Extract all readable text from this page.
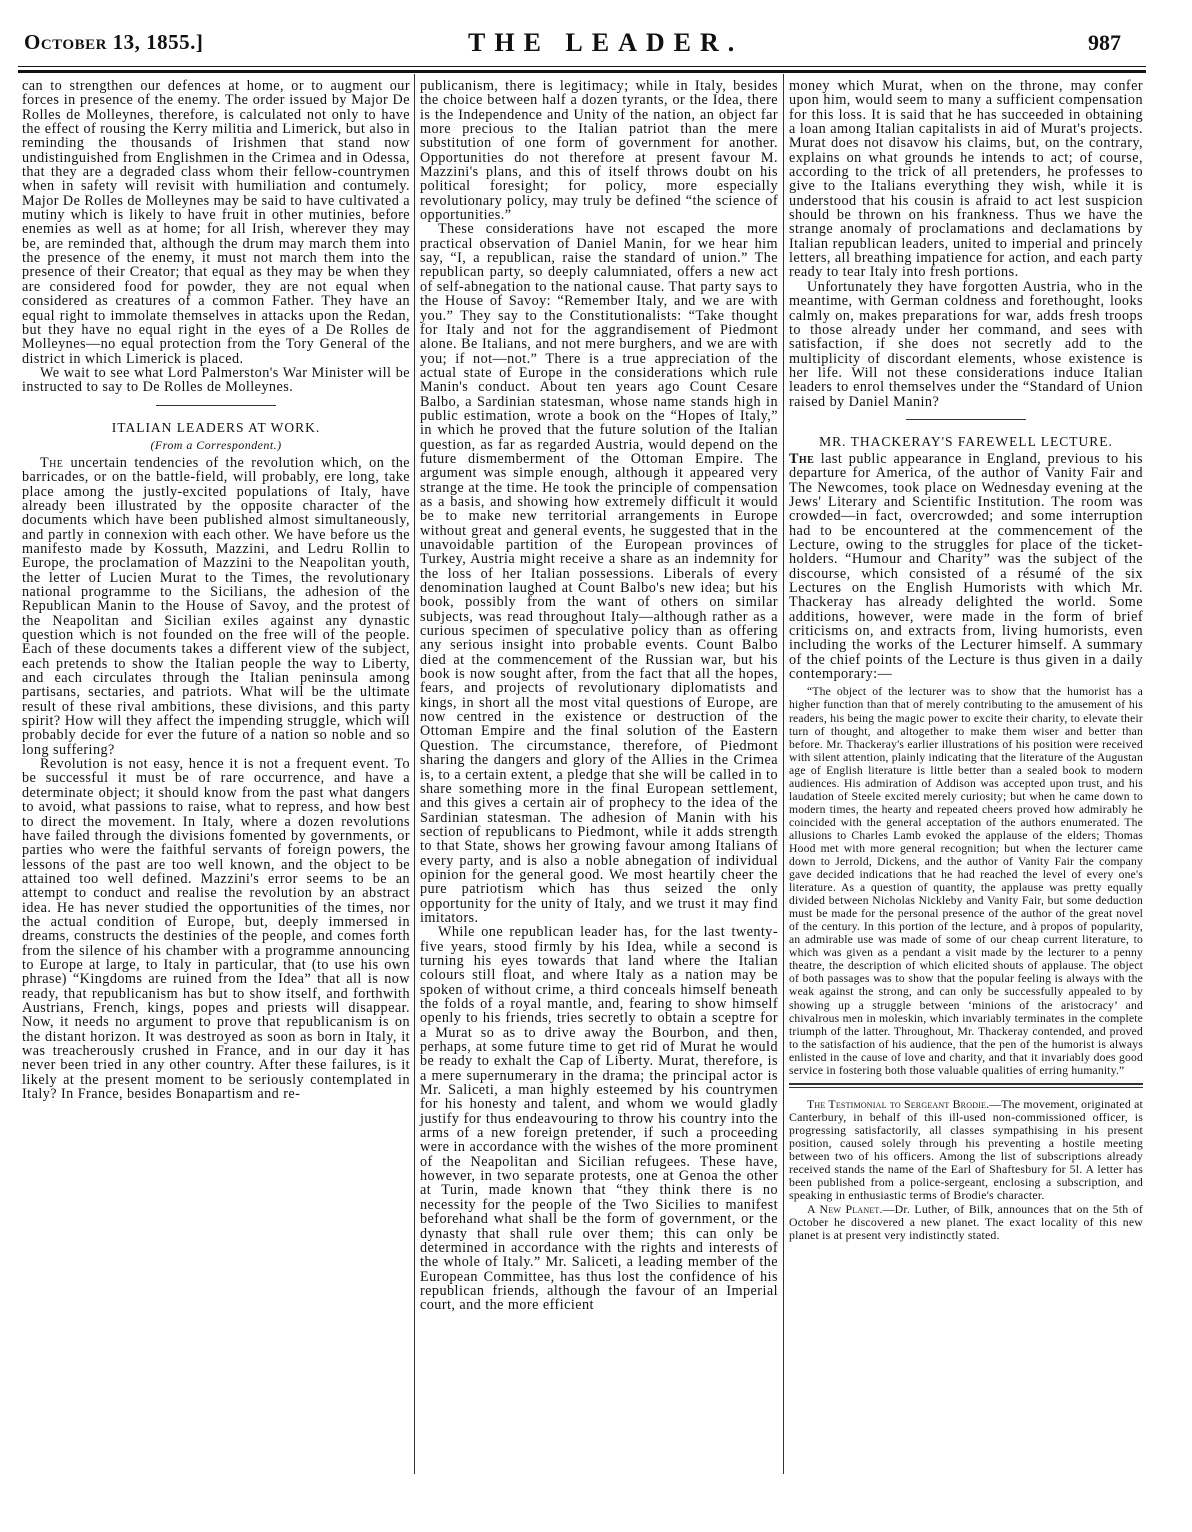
October 13, 1855.]	THE LEADER.	987

can to strengthen our defences at home, or to augment our forces in presence of the enemy. The order issued by Major De Rolles de Molleynes, therefore, is calculated not only to have the effect of rousing the Kerry militia and Limerick, but also in reminding the thousands of Irishmen that stand now undistinguished from Englishmen in the Crimea and in Odessa, that they are a degraded class whom their fellow-countrymen when in safety will revisit with humiliation and contumely. Major De Rolles de Molleynes may be said to have cultivated a mutiny which is likely to have fruit in other mutinies, before enemies as well as at home; for all Irish, wherever they may be, are reminded that, although the drum may march them into the presence of the enemy, it must not march them into the presence of their Creator; that equal as they may be when they are considered food for powder, they are not equal when considered as creatures of a common Father. They have an equal right to immolate themselves in attacks upon the Redan, but they have no equal right in the eyes of a De Rolles de Molleynes—no equal protection from the Tory General of the district in which Limerick is placed.

We wait to see what Lord Palmerston's War Minister will be instructed to say to De Rolles de Molleynes.

ITALIAN LEADERS AT WORK.
(From a Correspondent.)

The uncertain tendencies of the revolution which, on the barricades, or on the battle-field, will probably, ere long, take place among the justly-excited populations of Italy, have already been illustrated by the opposite character of the documents which have been published almost simultaneously, and partly in connexion with each other. We have before us the manifesto made by Kossuth, Mazzini, and Ledru Rollin to Europe, the proclamation of Mazzini to the Neapolitan youth, the letter of Lucien Murat to the Times, the revolutionary national programme to the Sicilians, the adhesion of the Republican Manin to the House of Savoy, and the protest of the Neapolitan and Sicilian exiles against any dynastic question which is not founded on the free will of the people. Each of these documents takes a different view of the subject, each pretends to show the Italian people the way to Liberty, and each circulates through the Italian peninsula among partisans, sectaries, and patriots. What will be the ultimate result of these rival ambitions, these divisions, and this party spirit? How will they affect the impending struggle, which will probably decide for ever the future of a nation so noble and so long suffering?

Revolution is not easy, hence it is not a frequent event. To be successful it must be of rare occurrence, and have a determinate object; it should know from the past what dangers to avoid, what passions to raise, what to repress, and how best to direct the movement. In Italy, where a dozen revolutions have failed through the divisions fomented by governments, or parties who were the faithful servants of foreign powers, the lessons of the past are too well known, and the object to be attained too well defined. Mazzini's error seems to be an attempt to conduct and realise the revolution by an abstract idea. He has never studied the opportunities of the times, nor the actual condition of Europe, but, deeply immersed in dreams, constructs the destinies of the people, and comes forth from the silence of his chamber with a programme announcing to Europe at large, to Italy in particular, that (to use his own phrase) “Kingdoms are ruined from the Idea” that all is now ready, that republicanism has but to show itself, and forthwith Austrians, French, kings, popes and priests will disappear. Now, it needs no argument to prove that republicanism is on the distant horizon. It was destroyed as soon as born in Italy, it was treacherously crushed in France, and in our day it has never been tried in any other country. After these failures, is it likely at the present moment to be seriously contemplated in Italy? In France, besides Bonapartism and re-

publicanism, there is legitimacy; while in Italy, besides the choice between half a dozen tyrants, or the Idea, there is the Independence and Unity of the nation, an object far more precious to the Italian patriot than the mere substitution of one form of government for another. Opportunities do not therefore at present favour M. Mazzini's plans, and this of itself throws doubt on his political foresight; for policy, more especially revolutionary policy, may truly be defined “the science of opportunities.”

These considerations have not escaped the more practical observation of Daniel Manin, for we hear him say, “I, a republican, raise the standard of union.” The republican party, so deeply calumniated, offers a new act of self-abnegation to the national cause. That party says to the House of Savoy: “Remember Italy, and we are with you.” They say to the Constitutionalists: “Take thought for Italy and not for the aggrandisement of Piedmont alone. Be Italians, and not mere burghers, and we are with you; if not—not.” There is a true appreciation of the actual state of Europe in the considerations which rule Manin's conduct. About ten years ago Count Cesare Balbo, a Sardinian statesman, whose name stands high in public estimation, wrote a book on the “Hopes of Italy,” in which he proved that the future solution of the Italian question, as far as regarded Austria, would depend on the future dismemberment of the Ottoman Empire. The argument was simple enough, although it appeared very strange at the time. He took the principle of compensation as a basis, and showing how extremely difficult it would be to make new territorial arrangements in Europe without great and general events, he suggested that in the unavoidable partition of the European provinces of Turkey, Austria might receive a share as an indemnity for the loss of her Italian possessions. Liberals of every denomination laughed at Count Balbo's new idea; but his book, possibly from the want of others on similar subjects, was read throughout Italy—although rather as a curious specimen of speculative policy than as offering any serious insight into probable events. Count Balbo died at the commencement of the Russian war, but his book is now sought after, from the fact that all the hopes, fears, and projects of revolutionary diplomatists and kings, in short all the most vital questions of Europe, are now centred in the existence or destruction of the Ottoman Empire and the final solution of the Eastern Question. The circumstance, therefore, of Piedmont sharing the dangers and glory of the Allies in the Crimea is, to a certain extent, a pledge that she will be called in to share something more in the final European settlement, and this gives a certain air of prophecy to the idea of the Sardinian statesman. The adhesion of Manin with his section of republicans to Piedmont, while it adds strength to that State, shows her growing favour among Italians of every party, and is also a noble abnegation of individual opinion for the general good. We most heartily cheer the pure patriotism which has thus seized the only opportunity for the unity of Italy, and we trust it may find imitators.

While one republican leader has, for the last twenty-five years, stood firmly by his Idea, while a second is turning his eyes towards that land where the Italian colours still float, and where Italy as a nation may be spoken of without crime, a third conceals himself beneath the folds of a royal mantle, and, fearing to show himself openly to his friends, tries secretly to obtain a sceptre for a Murat so as to drive away the Bourbon, and then, perhaps, at some future time to get rid of Murat he would be ready to exhalt the Cap of Liberty. Murat, therefore, is a mere supernumerary in the drama; the principal actor is Mr. Saliceti, a man highly esteemed by his countrymen for his honesty and talent, and whom we would gladly justify for thus endeavouring to throw his country into the arms of a new foreign pretender, if such a proceeding were in accordance with the wishes of the more prominent of the Neapolitan and Sicilian refugees. These have, however, in two separate protests, one at Genoa the other at Turin, made known that “they think there is no necessity for the people of the Two Sicilies to manifest beforehand what shall be the form of government, or the dynasty that shall rule over them; this can only be determined in accordance with the rights and interests of the whole of Italy.” Mr. Saliceti, a leading member of the European Committee, has thus lost the confidence of his republican friends, although the favour of an Imperial court, and the more efficient

money which Murat, when on the throne, may confer upon him, would seem to many a sufficient compensation for this loss. It is said that he has succeeded in obtaining a loan among Italian capitalists in aid of Murat's projects. Murat does not disavow his claims, but, on the contrary, explains on what grounds he intends to act; of course, according to the trick of all pretenders, he professes to give to the Italians everything they wish, while it is understood that his cousin is afraid to act lest suspicion should be thrown on his frankness. Thus we have the strange anomaly of proclamations and declamations by Italian republican leaders, united to imperial and princely letters, all breathing impatience for action, and each party ready to tear Italy into fresh portions.

Unfortunately they have forgotten Austria, who in the meantime, with German coldness and forethought, looks calmly on, makes preparations for war, adds fresh troops to those already under her command, and sees with satisfaction, if she does not secretly add to the multiplicity of discordant elements, whose existence is her life. Will not these considerations induce Italian leaders to enrol themselves under the “Standard of Union raised by Daniel Manin?

MR. THACKERAY'S FAREWELL LECTURE.

The last public appearance in England, previous to his departure for America, of the author of Vanity Fair and The Newcomes, took place on Wednesday evening at the Jews' Literary and Scientific Institution. The room was crowded—in fact, overcrowded; and some interruption had to be encountered at the commencement of the Lecture, owing to the struggles for place of the ticket-holders. “Humour and Charity” was the subject of the discourse, which consisted of a résumé of the six Lectures on the English Humorists with which Mr. Thackeray has already delighted the world. Some additions, however, were made in the form of brief criticisms on, and extracts from, living humorists, even including the works of the Lecturer himself. A summary of the chief points of the Lecture is thus given in a daily contemporary:—

“The object of the lecturer was to show that the humorist has a higher function than that of merely contributing to the amusement of his readers, his being the magic power to excite their charity, to elevate their turn of thought, and altogether to make them wiser and better than before. Mr. Thackeray's earlier illustrations of his position were received with silent attention, plainly indicating that the literature of the Augustan age of English literature is little better than a sealed book to modern audiences. His admiration of Addison was accepted upon trust, and his laudation of Steele excited merely curiosity; but when he came down to modern times, the hearty and repeated cheers proved how admirably he coincided with the general acceptation of the authors enumerated. The allusions to Charles Lamb evoked the applause of the elders; Thomas Hood met with more general recognition; but when the lecturer came down to Jerrold, Dickens, and the author of Vanity Fair the company gave decided indications that he had reached the level of every one's literature. As a question of quantity, the applause was pretty equally divided between Nicholas Nickleby and Vanity Fair, but some deduction must be made for the personal presence of the author of the great novel of the century. In this portion of the lecture, and à propos of popularity, an admirable use was made of some of our cheap current literature, to which was given as a pendant a visit made by the lecturer to a penny theatre, the description of which elicited shouts of applause. The object of both passages was to show that the popular feeling is always with the weak against the strong, and can only be successfully appealed to by showing up a struggle between ‘minions of the aristocracy’ and chivalrous men in moleskin, which invariably terminates in the complete triumph of the latter. Throughout, Mr. Thackeray contended, and proved to the satisfaction of his audience, that the pen of the humorist is always enlisted in the cause of love and charity, and that it invariably does good service in fostering both those valuable qualities of erring humanity.”

The Testimonial to Sergeant Brodie.—The movement, originated at Canterbury, in behalf of this ill-used non-commissioned officer, is progressing satisfactorily, all classes sympathising in his present position, caused solely through his preventing a hostile meeting between two of his officers. Among the list of subscriptions already received stands the name of the Earl of Shaftesbury for 5l. A letter has been published from a police-sergeant, enclosing a subscription, and speaking in enthusiastic terms of Brodie's character.

A New Planet.—Dr. Luther, of Bilk, announces that on the 5th of October he discovered a new planet. The exact locality of this new planet is at present very indistinctly stated.
